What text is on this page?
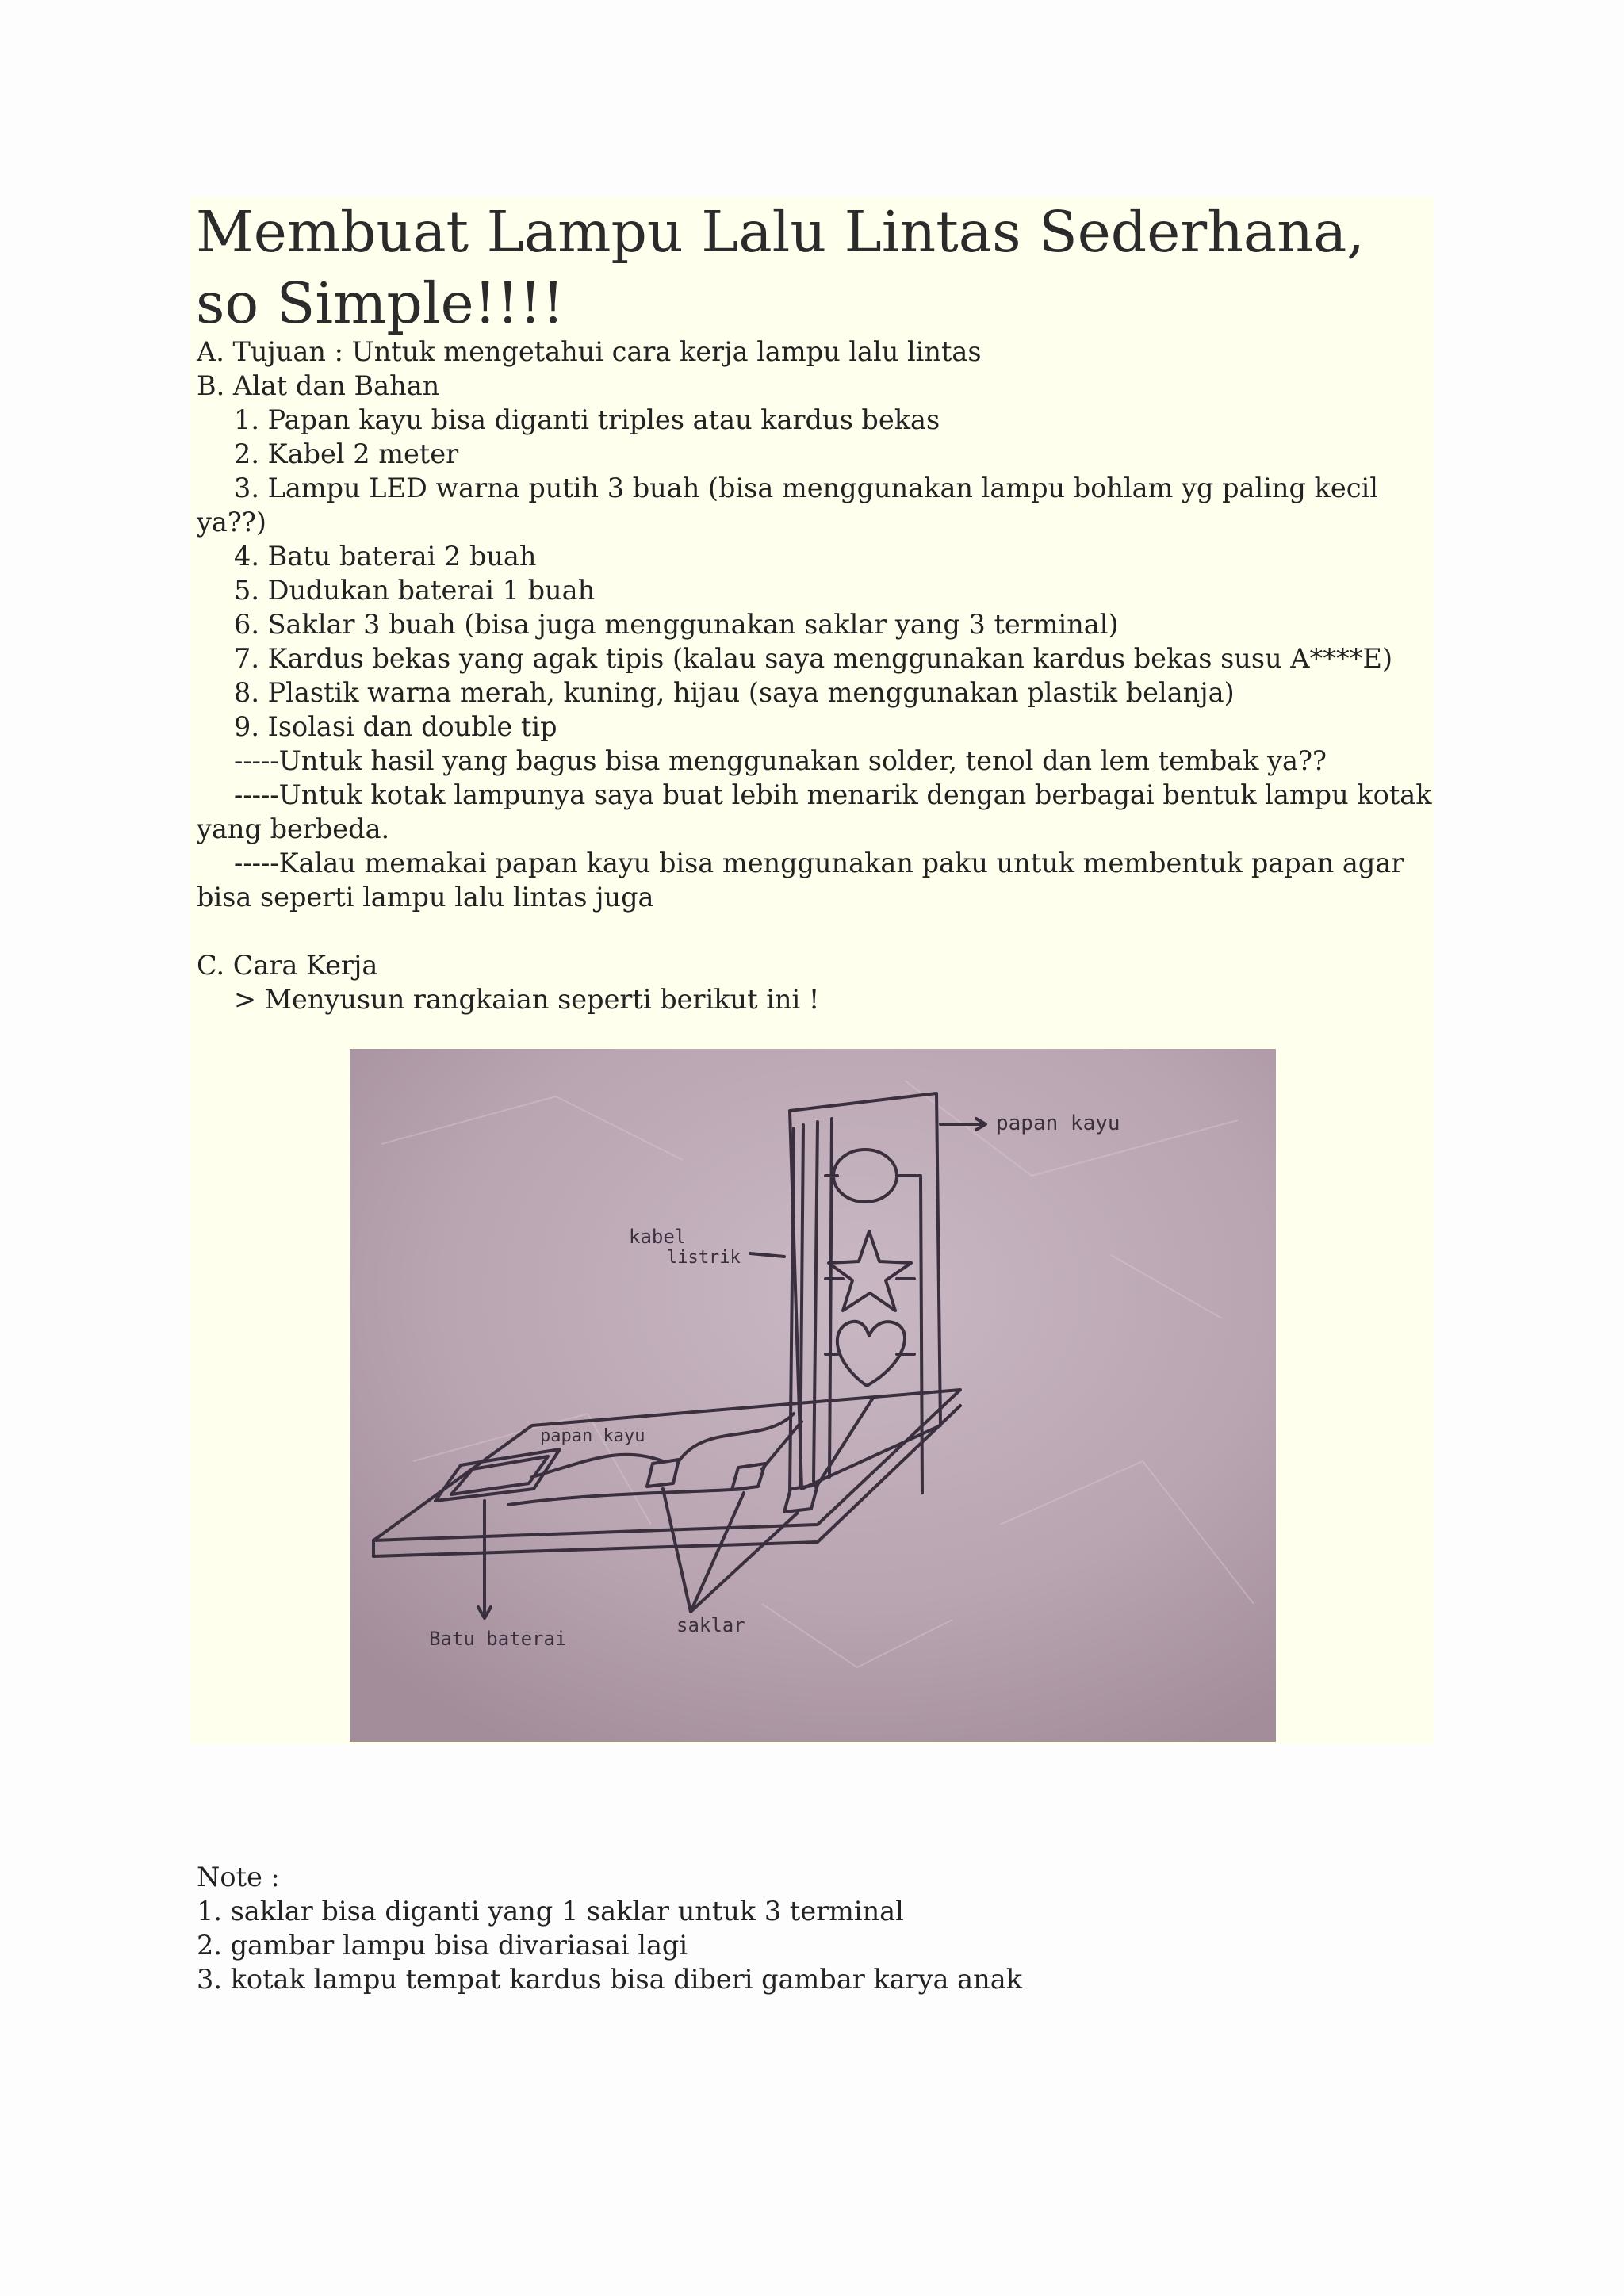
Membuat Lampu Lalu Lintas Sederhana, so Simple!!!!
A. Tujuan : Untuk mengetahui cara kerja lampu lalu lintas
B. Alat dan Bahan
1. Papan kayu bisa diganti triples atau kardus bekas
2. Kabel 2 meter
3. Lampu LED warna putih 3 buah (bisa menggunakan lampu bohlam yg paling kecil ya??)
4. Batu baterai 2 buah
5. Dudukan baterai 1 buah
6. Saklar 3 buah (bisa juga menggunakan saklar yang 3 terminal)
7. Kardus bekas yang agak tipis (kalau saya menggunakan kardus bekas susu A****E)
8. Plastik warna merah, kuning, hijau (saya menggunakan plastik belanja)
9. Isolasi dan double tip
-----Untuk hasil yang bagus bisa menggunakan solder, tenol dan lem tembak ya??
-----Untuk kotak lampunya saya buat lebih menarik dengan berbagai bentuk lampu kotak yang berbeda.
-----Kalau memakai papan kayu bisa menggunakan paku untuk membentuk papan agar bisa seperti lampu lalu lintas juga
C. Cara Kerja
> Menyusun rangkaian seperti berikut ini !
papan kayu
kabel
listrik
papan kayu
Batu baterai
saklar
Note :
1. saklar bisa diganti yang 1 saklar untuk 3 terminal
2. gambar lampu bisa divariasai lagi
3. kotak lampu tempat kardus bisa diberi gambar karya anak
